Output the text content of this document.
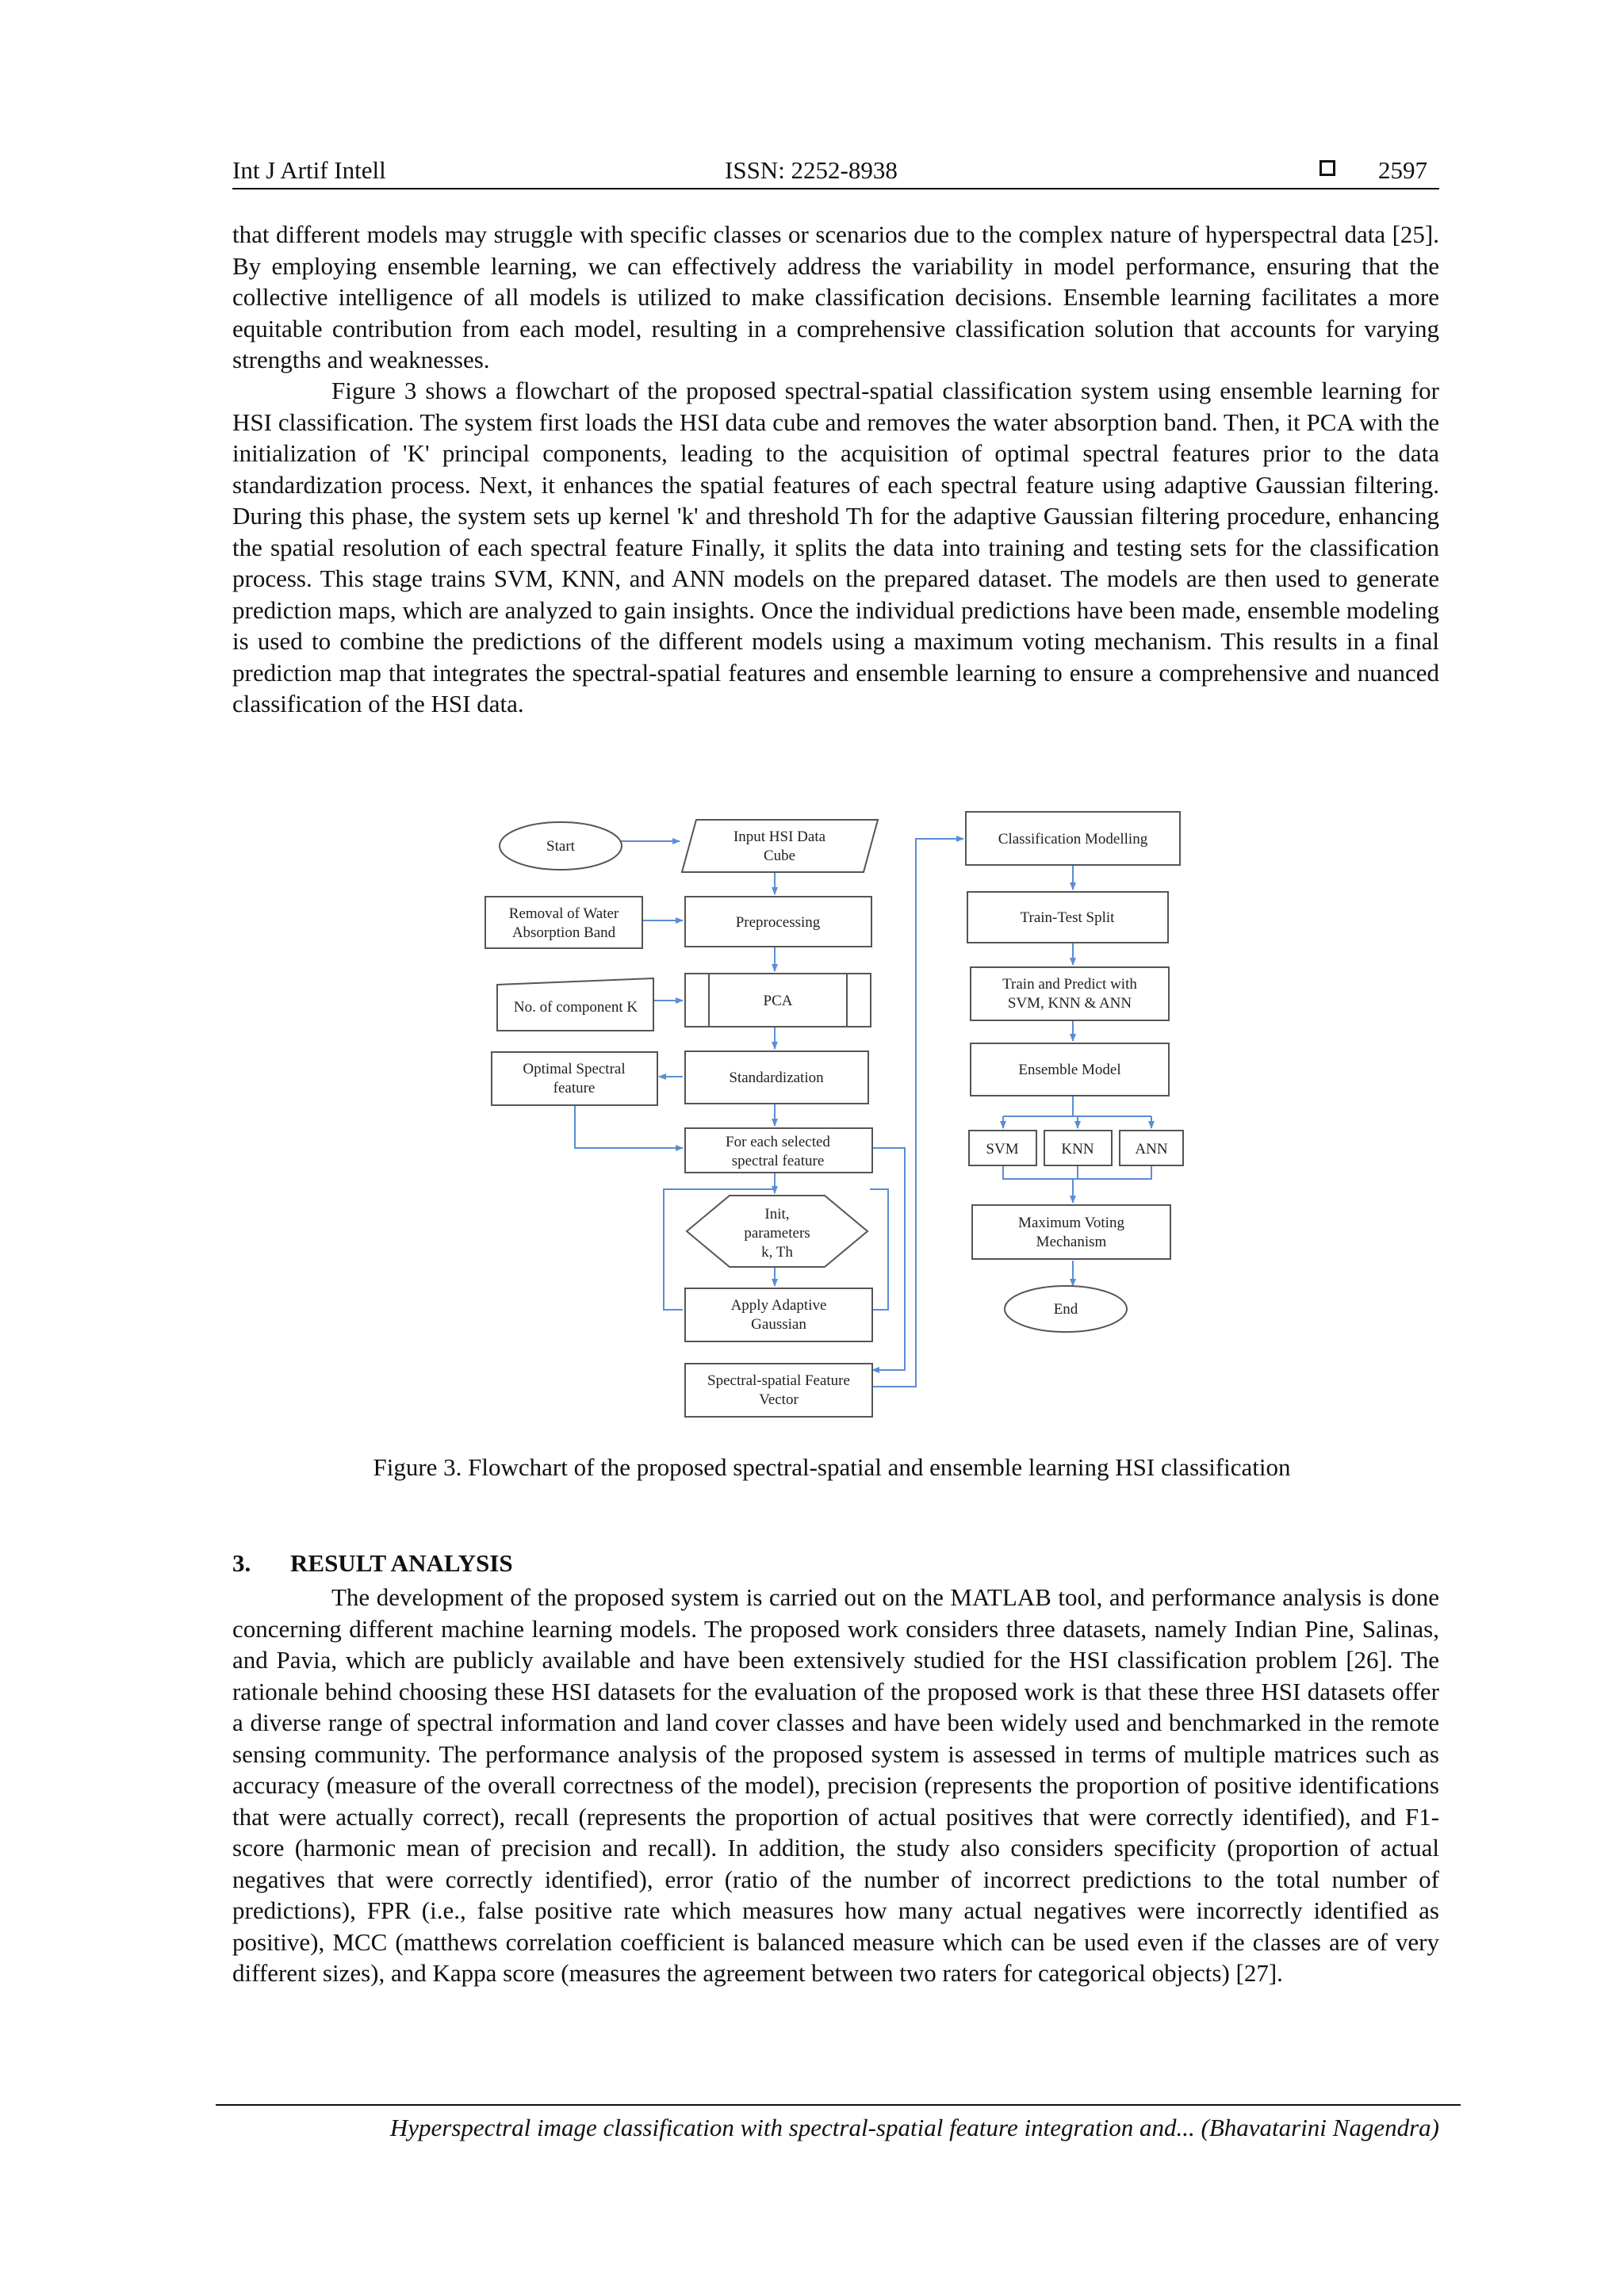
Int J Artif Intell	ISSN: 2252-8938	2597

that different models may struggle with specific classes or scenarios due to the complex nature of hyperspectral data [25]. By employing ensemble learning, we can effectively address the variability in model performance, ensuring that the collective intelligence of all models is utilized to make classification decisions. Ensemble learning facilitates a more equitable contribution from each model, resulting in a comprehensive classification solution that accounts for varying strengths and weaknesses.

Figure 3 shows a flowchart of the proposed spectral-spatial classification system using ensemble learning for HSI classification. The system first loads the HSI data cube and removes the water absorption band. Then, it PCA with the initialization of 'K' principal components, leading to the acquisition of optimal spectral features prior to the data standardization process. Next, it enhances the spatial features of each spectral feature using adaptive Gaussian filtering. During this phase, the system sets up kernel 'k' and threshold Th for the adaptive Gaussian filtering procedure, enhancing the spatial resolution of each spectral feature Finally, it splits the data into training and testing sets for the classification process. This stage trains SVM, KNN, and ANN models on the prepared dataset. The models are then used to generate prediction maps, which are analyzed to gain insights. Once the individual predictions have been made, ensemble modeling is used to combine the predictions of the different models using a maximum voting mechanism. This results in a final prediction map that integrates the spectral-spatial features and ensemble learning to ensure a comprehensive and nuanced classification of the HSI data.

Start
Input HSI Data
Cube
Removal of Water
Absorption Band
Preprocessing
No. of component K	PCA
Optimal Spectral
feature
Standardization
For each selected
spectral feature
Init,
parameters
k, Th
Apply Adaptive
Gaussian
Spectral-spatial Feature
Vector
Classification Modelling
Train-Test Split
Train and Predict with
SVM, KNN & ANN
Ensemble Model
SVM	KNN	ANN
Maximum Voting
Mechanism
End
Figure 3. Flowchart of the proposed spectral-spatial and ensemble learning HSI classification
3. RESULT ANALYSIS

The development of the proposed system is carried out on the MATLAB tool, and performance analysis is done concerning different machine learning models. The proposed work considers three datasets, namely Indian Pine, Salinas, and Pavia, which are publicly available and have been extensively studied for the HSI classification problem [26]. The rationale behind choosing these HSI datasets for the evaluation of the proposed work is that these three HSI datasets offer a diverse range of spectral information and land cover classes and have been widely used and benchmarked in the remote sensing community. The performance analysis of the proposed system is assessed in terms of multiple matrices such as accuracy (measure of the overall correctness of the model), precision (represents the proportion of positive identifications that were actually correct), recall (represents the proportion of actual positives that were correctly identified), and F1-score (harmonic mean of precision and recall). In addition, the study also considers specificity (proportion of actual negatives that were correctly identified), error (ratio of the number of incorrect predictions to the total number of predictions), FPR (i.e., false positive rate which measures how many actual negatives were incorrectly identified as positive), MCC (matthews correlation coefficient is balanced measure which can be used even if the classes are of very different sizes), and Kappa score (measures the agreement between two raters for categorical objects) [27].

Hyperspectral image classification with spectral-spatial feature integration and... (Bhavatarini Nagendra)
